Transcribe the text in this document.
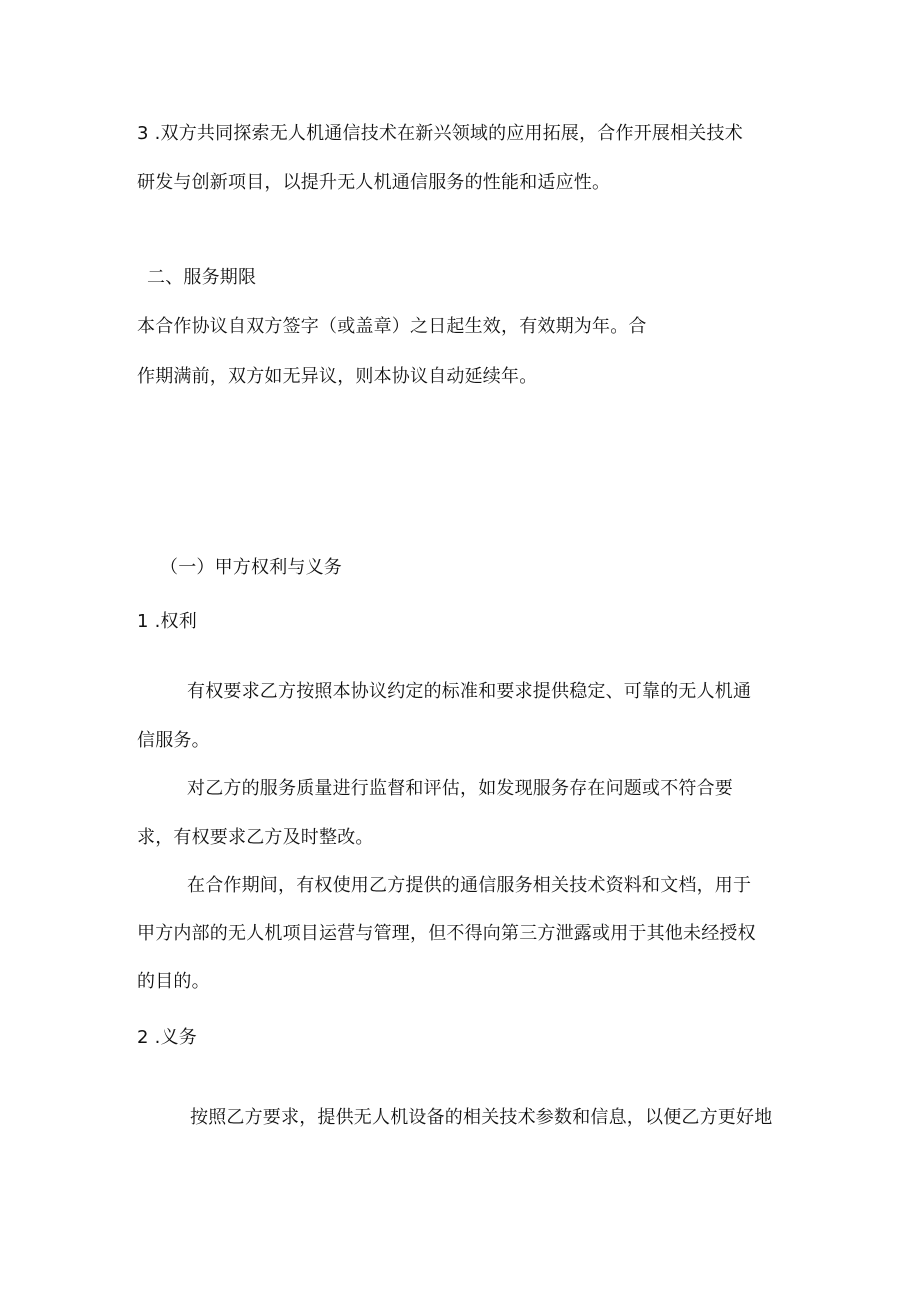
3 .双方共同探索无人机通信技术在新兴领域的应用拓展，合作开展相关技术
研发与创新项目，以提升无人机通信服务的性能和适应性。
二、服务期限
本合作协议自双方签字（或盖章）之日起生效，有效期为年。合
作期满前，双方如无异议，则本协议自动延续年。
（一）甲方权利与义务
1 .权利
有权要求乙方按照本协议约定的标准和要求提供稳定、可靠的无人机通
信服务。
对乙方的服务质量进行监督和评估，如发现服务存在问题或不符合要
求，有权要求乙方及时整改。
在合作期间，有权使用乙方提供的通信服务相关技术资料和文档，用于
甲方内部的无人机项目运营与管理，但不得向第三方泄露或用于其他未经授权
的目的。
2 .义务
按照乙方要求，提供无人机设备的相关技术参数和信息，以便乙方更好地
